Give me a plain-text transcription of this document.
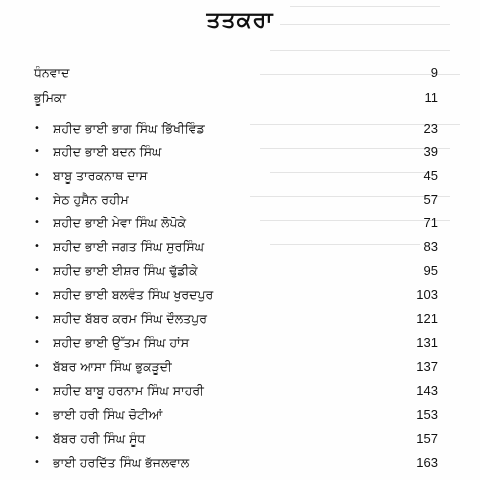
ਤਤਕਰਾ
ਧੰਨਵਾਦ	9
ਭੂਮਿਕਾ	11
• ਸ਼ਹੀਦ ਭਾਈ ਭਾਗ ਸਿੰਘ ਭਿੱਖੀਵਿੰਡ	23
• ਸ਼ਹੀਦ ਭਾਈ ਬਦਨ ਸਿੰਘ	39
• ਬਾਬੂ ਤਾਰਕਨਾਥ ਦਾਸ	45
• ਸੇਠ ਹੁਸੈਨ ਰਹੀਮ	57
• ਸ਼ਹੀਦ ਭਾਈ ਮੇਵਾ ਸਿੰਘ ਲੋਪੋਕੇ	71
• ਸ਼ਹੀਦ ਭਾਈ ਜਗਤ ਸਿੰਘ ਸੁਰਸਿੰਘ	83
• ਸ਼ਹੀਦ ਭਾਈ ਈਸ਼ਰ ਸਿੰਘ ਢੁੱਡੀਕੇ	95
• ਸ਼ਹੀਦ ਭਾਈ ਬਲਵੰਤ ਸਿੰਘ ਖੁਰਦਪੁਰ	103
• ਸ਼ਹੀਦ ਬੱਬਰ ਕਰਮ ਸਿੰਘ ਦੌਲਤਪੁਰ	121
• ਸ਼ਹੀਦ ਭਾਈ ਉੱਤਮ ਸਿੰਘ ਹਾਂਸ	131
• ਬੱਬਰ ਆਸਾ ਸਿੰਘ ਭੁਕੜੂਦੀ	137
• ਸ਼ਹੀਦ ਬਾਬੂ ਹਰਨਾਮ ਸਿੰਘ ਸਾਹਰੀ	143
• ਭਾਈ ਹਰੀ ਸਿੰਘ ਚੋਟੀਆਂ	153
• ਬੱਬਰ ਹਰੀ ਸਿੰਘ ਸੂੰਧ	157
• ਭਾਈ ਹਰਦਿੱਤ ਸਿੰਘ ਭੱਜਲਵਾਲ	163
